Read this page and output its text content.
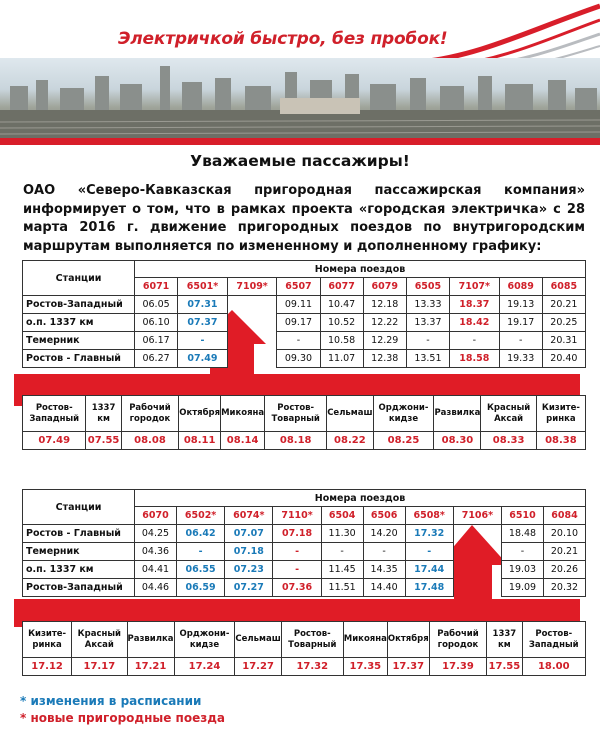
Электричкой быстро, без пробок!
Уважаемые пассажиры!
ОАО «Северо-Кавказская пригородная пассажирская компания» информирует о том, что в рамках проекта «городская электричка» с 28 марта 2016 г. движение пригородных поездов по внутригородским маршрутам выполняется по измененному и дополненному графику:
Станции	Номера поездов									
	6071	6501*	7109*	6507	6077	6079	6505	7107*	6089	6085
Ростов-Западный	06.05	07.31		09.11	10.47	12.18	13.33	18.37	19.13	20.21
о.п. 1337 км	06.10	07.37		09.17	10.52	12.22	13.37	18.42	19.17	20.25
Темерник	06.17	-		-	10.58	12.29	-	-	-	20.31
Ростов - Главный	06.27	07.49		09.30	11.07	12.38	13.51	18.58	19.33	20.40
Ростов-Западный	1337 км	Рабочий городок	Октября	Микояна	Ростов-Товарный	Сельмаш	Орджони-кидзе	Развилка	Красный Аксай	Кизите-ринка
07.49	07.55	08.08	08.11	08.14	08.18	08.22	08.25	08.30	08.33	08.38
Станции	Номера поездов									
	6070	6502*	6074*	7110*	6504	6506	6508*	7106*	6510	6084
Ростов - Главный	04.25	06.42	07.07	07.18	11.30	14.20	17.32		18.48	20.10
Темерник	04.36	-	07.18	-	-	-	-		-	20.21
о.п. 1337 км	04.41	06.55	07.23	-	11.45	14.35	17.44		19.03	20.26
Ростов-Западный	04.46	06.59	07.27	07.36	11.51	14.40	17.48		19.09	20.32
Кизите-ринка	Красный Аксай	Развилка	Орджони-кидзе	Сельмаш	Ростов-Товарный	Микояна	Октября	Рабочий городок	1337 км	Ростов-Западный
17.12	17.17	17.21	17.24	17.27	17.32	17.35	17.37	17.39	17.55	18.00
* изменения в расписании
* новые пригородные поезда
